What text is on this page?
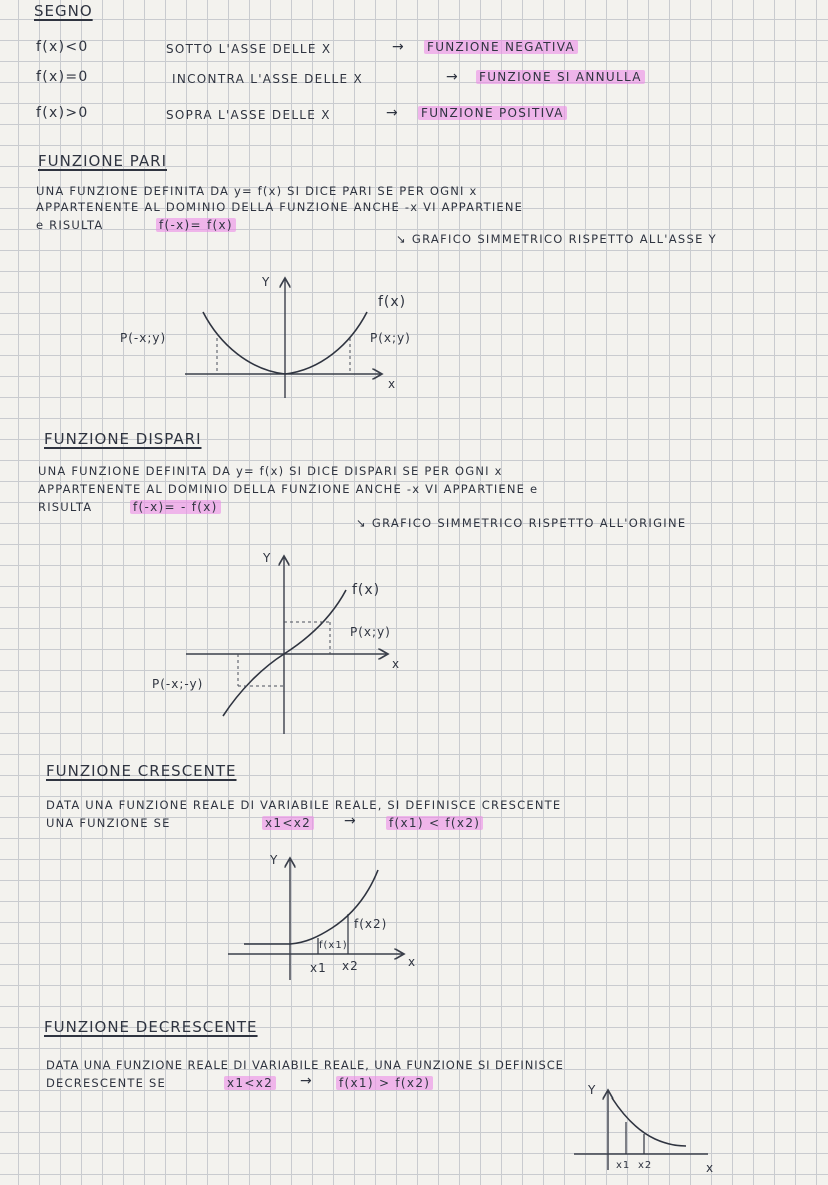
SEGNO
f(x)<0	SOTTO L'ASSE DELLE X	→ FUNZIONE NEGATIVA
f(x)=0	INCONTRA L'ASSE DELLE X	→ FUNZIONE SI ANNULLA
f(x)>0	SOPRA L'ASSE DELLE X	→ FUNZIONE POSITIVA
FUNZIONE PARI
UNA FUNZIONE DEFINITA DA y= f(x) SI DICE PARI SE PER OGNI x
APPARTENENTE AL DOMINIO DELLA FUNZIONE ANCHE -x VI APPARTIENE
e RISULTA	f(-x)= f(x)
↘ GRAFICO SIMMETRICO RISPETTO ALL'ASSE Y
FUNZIONE DISPARI
UNA FUNZIONE DEFINITA DA y= f(x) SI DICE DISPARI SE PER OGNI x
APPARTENENTE AL DOMINIO DELLA FUNZIONE ANCHE -x VI APPARTIENE e
RISULTA	f(-x)= - f(x)
↘ GRAFICO SIMMETRICO RISPETTO ALL'ORIGINE
FUNZIONE CRESCENTE
DATA UNA FUNZIONE REALE DI VARIABILE REALE, SI DEFINISCE CRESCENTE
UNA FUNZIONE SE	x1<x2 →	f(x1) < f(x2)
FUNZIONE DECRESCENTE
DATA UNA FUNZIONE REALE DI VARIABILE REALE, UNA FUNZIONE SI DEFINISCE
DECRESCENTE SE	x1<x2 → f(x1) > f(x2)
Y
x
f(x)
P(-x;y)	P(x;y)
Y
x
f(x)
P(x;y)
P(-x;-y)
Y
x
f(x1)
f(x2)
x1 x2
Y
x
x1 x2
